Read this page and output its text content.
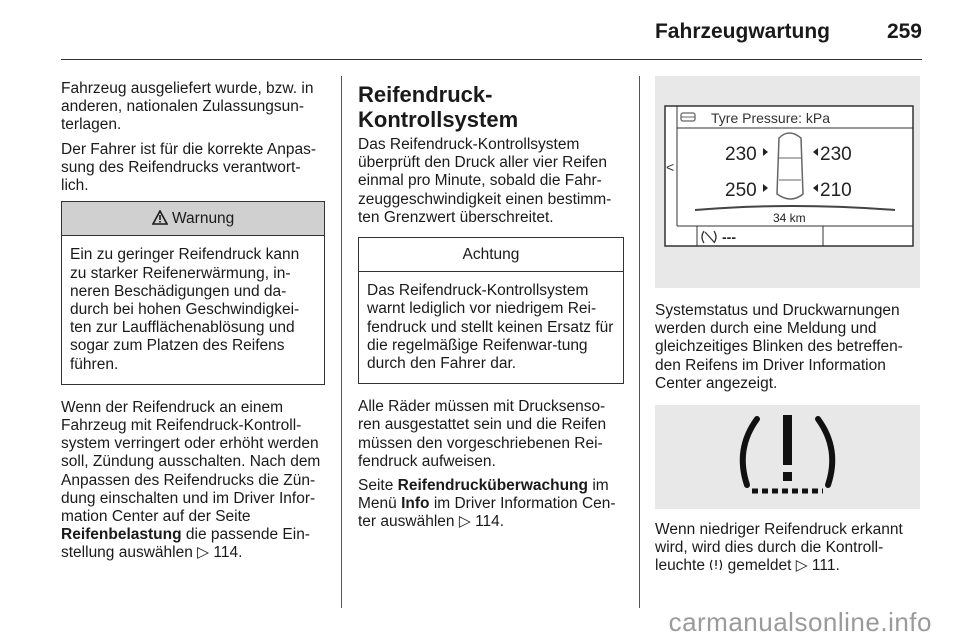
Fahrzeugwartung	259

Fahrzeug ausgeliefert wurde, bzw. in anderen, nationalen Zulassungsun-terlagen.

Der Fahrer ist für die korrekte Anpas-sung des Reifendrucks verantwort-lich.

Warnung
Ein zu geringer Reifendruck kann zu starker Reifenerwärmung, in-neren Beschädigungen und da-durch bei hohen Geschwindigkei-ten zur Laufflächenablösung und sogar zum Platzen des Reifens führen.

Wenn der Reifendruck an einem Fahrzeug mit Reifendruck-Kontroll-system verringert oder erhöht werden soll, Zündung ausschalten. Nach dem Anpassen des Reifendrucks die Zün-dung einschalten und im Driver Infor-mation Center auf der Seite Reifenbelastung die passende Ein-stellung auswählen ▷ 114.

Reifendruck-Kontrollsystem

Das Reifendruck-Kontrollsystem überprüft den Druck aller vier Reifen einmal pro Minute, sobald die Fahr-zeuggeschwindigkeit einen bestimm-ten Grenzwert überschreitet.

Achtung
Das Reifendruck-Kontrollsystem warnt lediglich vor niedrigem Rei-fendruck und stellt keinen Ersatz für die regelmäßige Reifenwar-tung durch den Fahrer dar.

Alle Räder müssen mit Drucksenso-ren ausgestattet sein und die Reifen müssen den vorgeschriebenen Rei-fendruck aufweisen.

Seite Reifendrucküberwachung im Menü Info im Driver Information Cen-ter auswählen ▷ 114.

<
Tyre Pressure: kPa
230	230
250	210
34 km
---

Systemstatus und Druckwarnungen werden durch eine Meldung und gleichzeitiges Blinken des betreffen-den Reifens im Driver Information Center angezeigt.

Wenn niedriger Reifendruck erkannt wird, wird dies durch die Kontroll-leuchte gemeldet ▷ 111.

carmanualsonline.info
